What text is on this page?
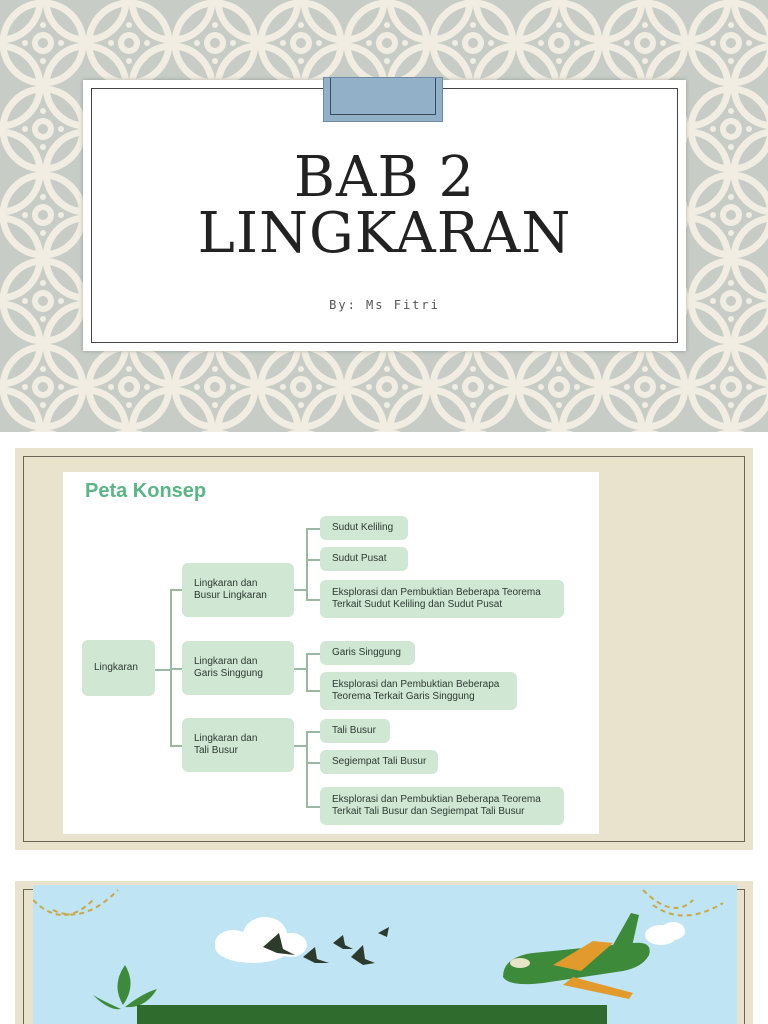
BAB 2
LINGKARAN
By: Ms Fitri
Peta Konsep
Lingkaran
Lingkaran dan
Busur Lingkaran
Lingkaran dan
Garis Singgung
Lingkaran dan
Tali Busur
Sudut Keliling
Sudut Pusat
Eksplorasi dan Pembuktian Beberapa Teorema
Terkait Sudut Keliling dan Sudut Pusat
Garis Singgung
Eksplorasi dan Pembuktian Beberapa
Teorema Terkait Garis Singgung
Tali Busur
Segiempat Tali Busur
Eksplorasi dan Pembuktian Beberapa Teorema
Terkait Tali Busur dan Segiempat Tali Busur
